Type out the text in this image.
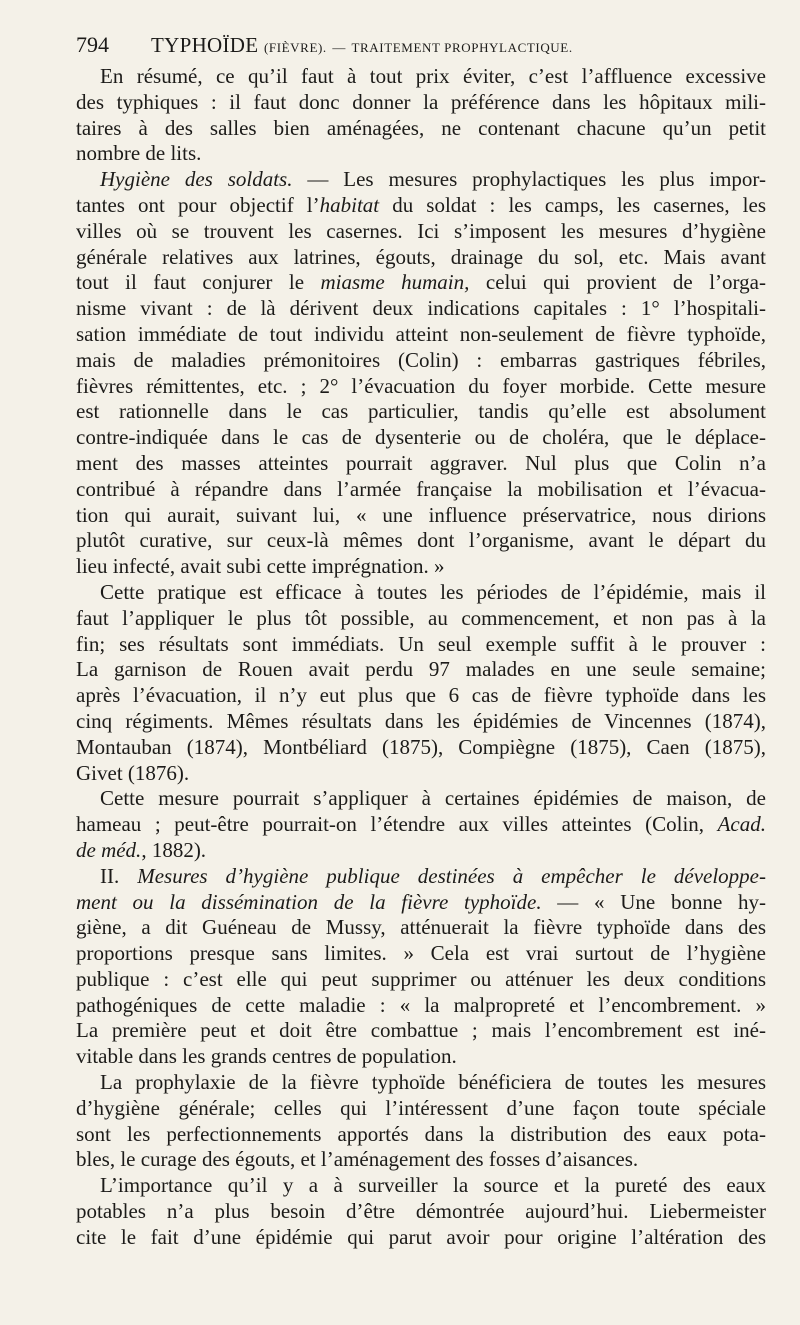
794 TYPHOÏDE (FIÈVRE). — TRAITEMENT PROPHYLACTIQUE.
En résumé, ce qu’il faut à tout prix éviter, c’est l’affluence excessive
des typhiques : il faut donc donner la préférence dans les hôpitaux mili-
taires à des salles bien aménagées, ne contenant chacune qu’un petit
nombre de lits.
Hygiène des soldats. — Les mesures prophylactiques les plus impor-
tantes ont pour objectif l’habitat du soldat : les camps, les casernes, les
villes où se trouvent les casernes. Ici s’imposent les mesures d’hygiène
générale relatives aux latrines, égouts, drainage du sol, etc. Mais avant
tout il faut conjurer le miasme humain, celui qui provient de l’orga-
nisme vivant : de là dérivent deux indications capitales : 1° l’hospitali-
sation immédiate de tout individu atteint non-seulement de fièvre typhoïde,
mais de maladies prémonitoires (Colin) : embarras gastriques fébriles,
fièvres rémittentes, etc. ; 2° l’évacuation du foyer morbide. Cette mesure
est rationnelle dans le cas particulier, tandis qu’elle est absolument
contre-indiquée dans le cas de dysenterie ou de choléra, que le déplace-
ment des masses atteintes pourrait aggraver. Nul plus que Colin n’a
contribué à répandre dans l’armée française la mobilisation et l’évacua-
tion qui aurait, suivant lui, « une influence préservatrice, nous dirions
plutôt curative, sur ceux-là mêmes dont l’organisme, avant le départ du
lieu infecté, avait subi cette imprégnation. »
Cette pratique est efficace à toutes les périodes de l’épidémie, mais il
faut l’appliquer le plus tôt possible, au commencement, et non pas à la
fin; ses résultats sont immédiats. Un seul exemple suffit à le prouver :
La garnison de Rouen avait perdu 97 malades en une seule semaine;
après l’évacuation, il n’y eut plus que 6 cas de fièvre typhoïde dans les
cinq régiments. Mêmes résultats dans les épidémies de Vincennes (1874),
Montauban (1874), Montbéliard (1875), Compiègne (1875), Caen (1875),
Givet (1876).
Cette mesure pourrait s’appliquer à certaines épidémies de maison, de
hameau ; peut-être pourrait-on l’étendre aux villes atteintes (Colin, Acad.
de méd., 1882).
II. Mesures d’hygiène publique destinées à empêcher le développe-
ment ou la dissémination de la fièvre typhoïde. — « Une bonne hy-
giène, a dit Guéneau de Mussy, atténuerait la fièvre typhoïde dans des
proportions presque sans limites. » Cela est vrai surtout de l’hygiène
publique : c’est elle qui peut supprimer ou atténuer les deux conditions
pathogéniques de cette maladie : « la malpropreté et l’encombrement. »
La première peut et doit être combattue ; mais l’encombrement est iné-
vitable dans les grands centres de population.
La prophylaxie de la fièvre typhoïde bénéficiera de toutes les mesures
d’hygiène générale; celles qui l’intéressent d’une façon toute spéciale
sont les perfectionnements apportés dans la distribution des eaux pota-
bles, le curage des égouts, et l’aménagement des fosses d’aisances.
L’importance qu’il y a à surveiller la source et la pureté des eaux
potables n’a plus besoin d’être démontrée aujourd’hui. Liebermeister
cite le fait d’une épidémie qui parut avoir pour origine l’altération des
